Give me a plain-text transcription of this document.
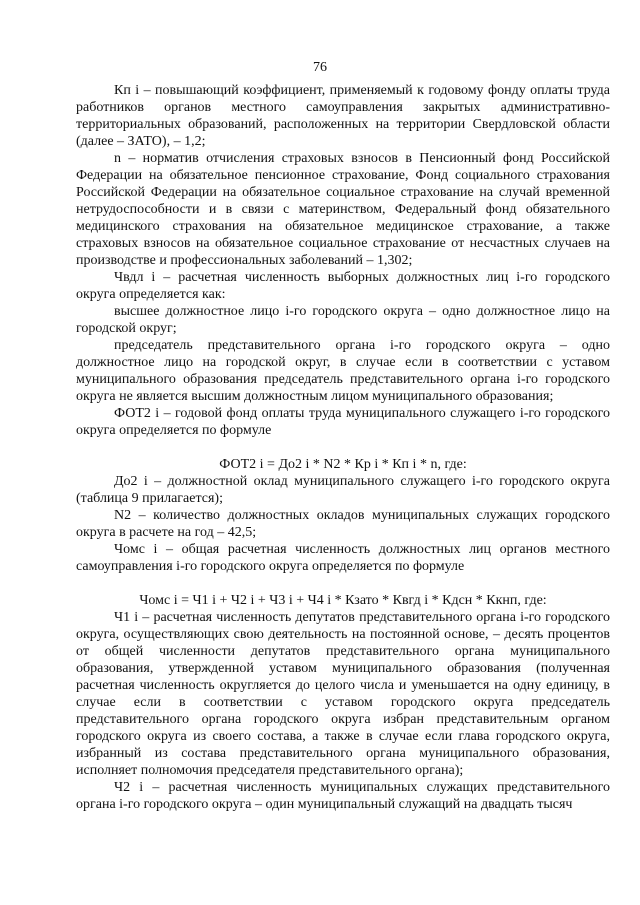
76

Кп i – повышающий коэффициент, применяемый к годовому фонду оплаты труда работников органов местного самоуправления закрытых административно-территориальных образований, расположенных на территории Свердловской области (далее – ЗАТО), – 1,2;

n – норматив отчисления страховых взносов в Пенсионный фонд Российской Федерации на обязательное пенсионное страхование, Фонд социального страхования Российской Федерации на обязательное социальное страхование на случай временной нетрудоспособности и в связи с материнством, Федеральный фонд обязательного медицинского страхования на обязательное медицинское страхование, а также страховых взносов на обязательное социальное страхование от несчастных случаев на производстве и профессиональных заболеваний – 1,302;

Чвдл i – расчетная численность выборных должностных лиц i-го городского округа определяется как:

высшее должностное лицо i-го городского округа – одно должностное лицо на городской округ;

председатель представительного органа i-го городского округа – одно должностное лицо на городской округ, в случае если в соответствии с уставом муниципального образования председатель представительного органа i-го городского округа не является высшим должностным лицом муниципального образования;

ФОТ2 i – годовой фонд оплаты труда муниципального служащего i-го городского округа определяется по формуле

ФОТ2 i = До2 i * N2 * Кр i * Кп i * n, где:

До2 i – должностной оклад муниципального служащего i-го городского округа (таблица 9 прилагается);

N2 – количество должностных окладов муниципальных служащих городского округа в расчете на год – 42,5;

Чомс i – общая расчетная численность должностных лиц органов местного самоуправления i-го городского округа определяется по формуле

Чомс i = Ч1 i + Ч2 i + Ч3 i + Ч4 i * Кзато * Квгд i * Кдсн * Ккнп, где:

Ч1 i – расчетная численность депутатов представительного органа i-го городского округа, осуществляющих свою деятельность на постоянной основе, – десять процентов от общей численности депутатов представительного органа муниципального образования, утвержденной уставом муниципального образования (полученная расчетная численность округляется до целого числа и уменьшается на одну единицу, в случае если в соответствии с уставом городского округа председатель представительного органа городского округа избран представительным органом городского округа из своего состава, а также в случае если глава городского округа, избранный из состава представительного органа муниципального образования, исполняет полномочия председателя представительного органа);

Ч2 i – расчетная численность муниципальных служащих представительного органа i-го городского округа – один муниципальный служащий на двадцать тысяч
